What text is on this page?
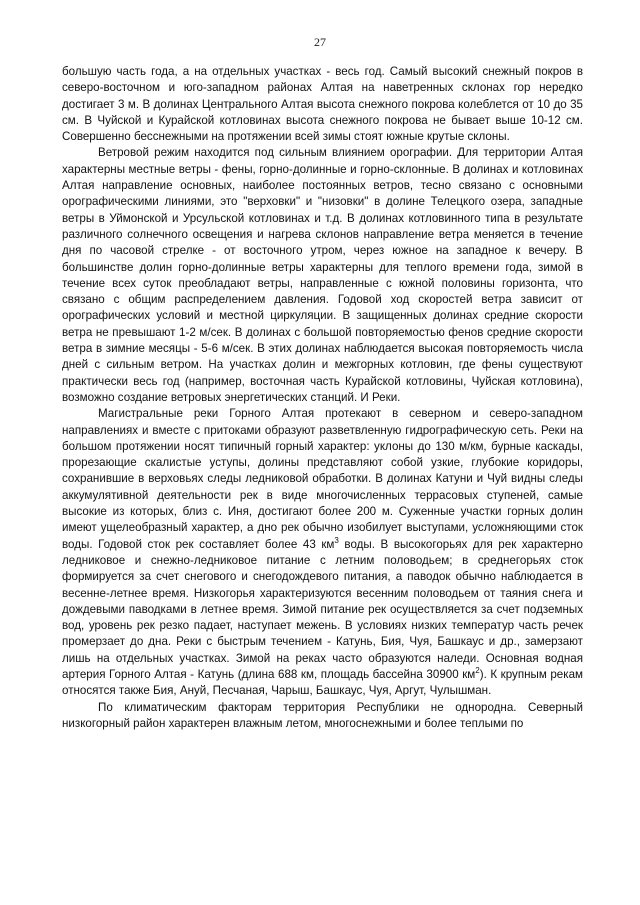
27

большую часть года, а на отдельных участках - весь год. Самый высокий снежный покров в северо-восточном и юго-западном районах Алтая на наветренных склонах гор нередко достигает 3 м. В долинах Центрального Алтая высота снежного покрова колеблется от 10 до 35 см. В Чуйской и Курайской котловинах высота снежного покрова не бывает выше 10-12 см. Совершенно бесснежными на протяжении всей зимы стоят южные крутые склоны.

Ветровой режим находится под сильным влиянием орографии. Для территории Алтая характерны местные ветры - фены, горно-долинные и горно-склонные. В долинах и котловинах Алтая направление основных, наиболее постоянных ветров, тесно связано с основными орографическими линиями, это "верховки" и "низовки" в долине Телецкого озера, западные ветры в Уймонской и Урсульской котловинах и т.д. В долинах котловинного типа в результате различного солнечного освещения и нагрева склонов направление ветра меняется в течение дня по часовой стрелке - от восточного утром, через южное на западное к вечеру. В большинстве долин горно-долинные ветры характерны для теплого времени года, зимой в течение всех суток преобладают ветры, направленные с южной половины горизонта, что связано с общим распределением давления. Годовой ход скоростей ветра зависит от орографических условий и местной циркуляции. В защищенных долинах средние скорости ветра не превышают 1-2 м/сек. В долинах с большой повторяемостью фенов средние скорости ветра в зимние месяцы - 5-6 м/сек. В этих долинах наблюдается высокая повторяемость числа дней с сильным ветром. На участках долин и межгорных котловин, где фены существуют практически весь год (например, восточная часть Курайской котловины, Чуйская котловина), возможно создание ветровых энергетических станций. И Реки.

Магистральные реки Горного Алтая протекают в северном и северо-западном направлениях и вместе с притоками образуют разветвленную гидрографическую сеть. Реки на большом протяжении носят типичный горный характер: уклоны до 130 м/км, бурные каскады, прорезающие скалистые уступы, долины представляют собой узкие, глубокие коридоры, сохранившие в верховьях следы ледниковой обработки. В долинах Катуни и Чуй видны следы аккумулятивной деятельности рек в виде многочисленных террасовых ступеней, самые высокие из которых, близ с. Иня, достигают более 200 м. Суженные участки горных долин имеют ущелеобразный характер, а дно рек обычно изобилует выступами, усложняющими сток воды. Годовой сток рек составляет более 43 $км^3$ воды. В высокогорьях для рек характерно ледниковое и снежно-ледниковое питание с летним половодьем; в среднегорьях сток формируется за счет снегового и снегодождевого питания, а паводок обычно наблюдается в весенне-летнее время. Низкогорья характеризуются весенним половодьем от таяния снега и дождевыми паводками в летнее время. Зимой питание рек осуществляется за счет подземных вод, уровень рек резко падает, наступает межень. В условиях низких температур часть речек промерзает до дна. Реки с быстрым течением - Катунь, Бия, Чуя, Башкаус и др., замерзают лишь на отдельных участках. Зимой на реках часто образуются наледи. Основная водная артерия Горного Алтая - Катунь (длина 688 км, площадь бассейна 30900 $км^2$). К крупным рекам относятся также Бия, Ануй, Песчаная, Чарыш, Башкаус, Чуя, Аргут, Чулышман.

По климатическим факторам территория Республики не однородна. Северный низкогорный район характерен влажным летом, многоснежными и более теплыми по
